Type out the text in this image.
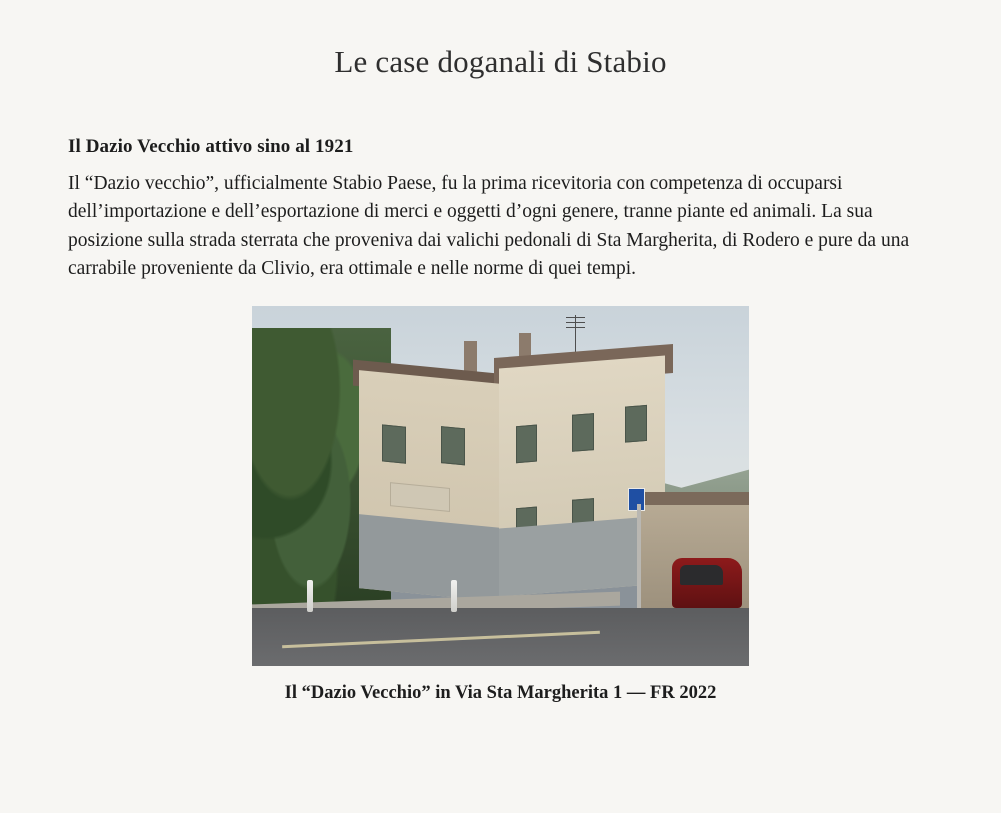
Le case doganali di Stabio

Il Dazio Vecchio attivo sino al 1921

Il “Dazio vecchio”, ufficialmente Stabio Paese, fu la prima ricevitoria con competenza di occuparsi dell’importazione e dell’esportazione di merci e oggetti d’ogni genere, tranne piante ed animali. La sua posizione sulla strada sterrata che proveniva dai valichi pedonali di Sta Margherita, di Rodero e pure da una carrabile proveniente da Clivio, era ottimale e nelle norme di quei tempi.

Il “Dazio Vecchio” in Via Sta Margherita 1 — FR 2022
